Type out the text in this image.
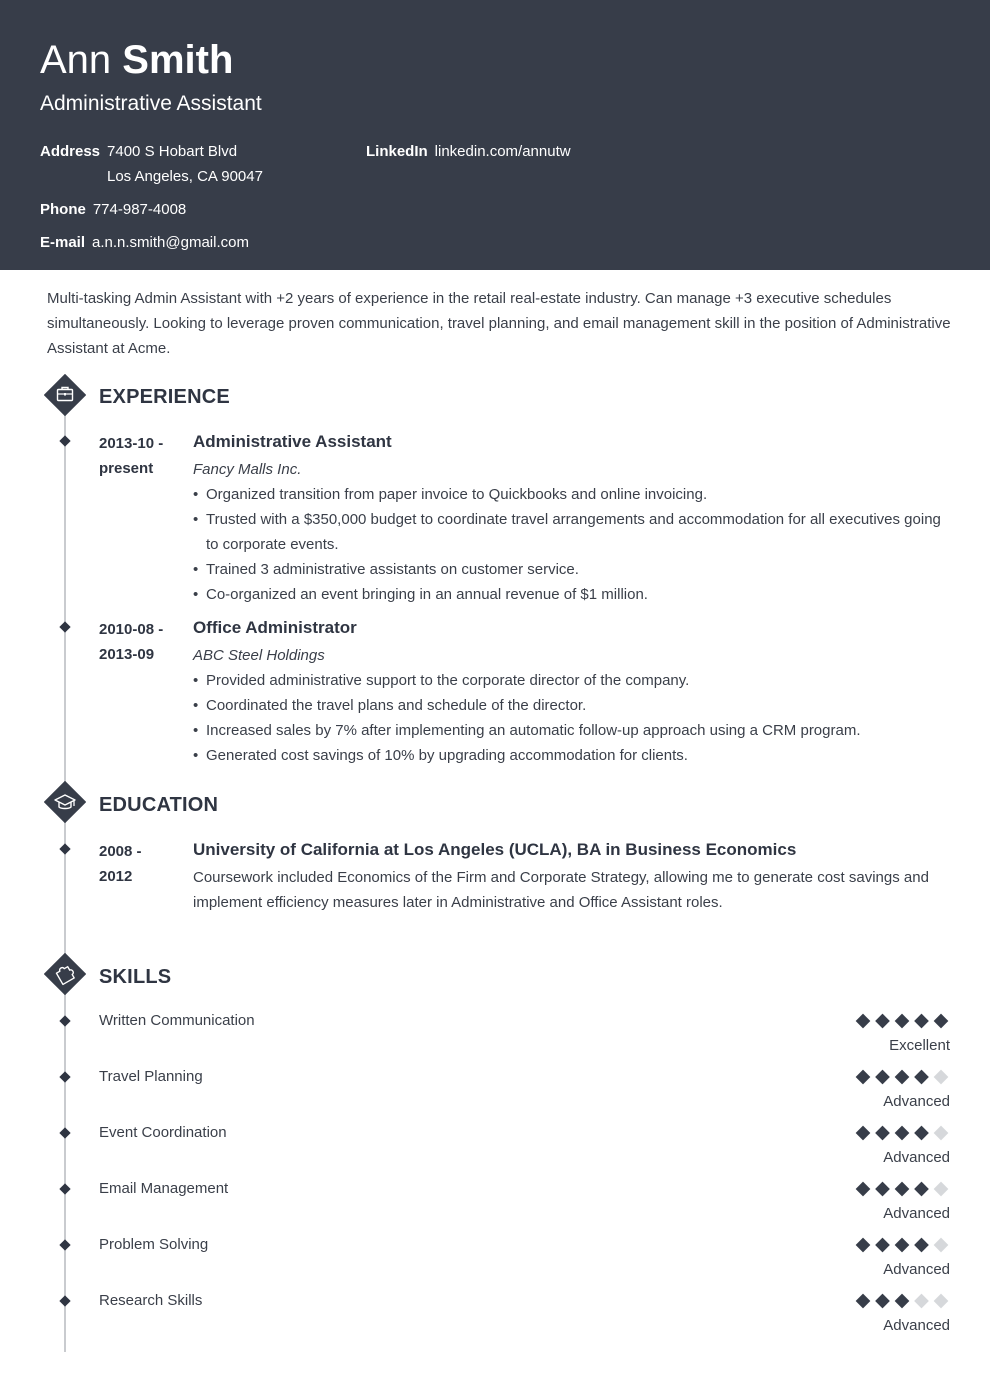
Ann Smith
Administrative Assistant
Address 7400 S Hobart Blvd
Los Angeles, CA 90047
LinkedIn linkedin.com/annutw
Phone 774-987-4008
E-mail a.n.n.smith@gmail.com
Multi-tasking Admin Assistant with +2 years of experience in the retail real-estate industry. Can manage +3 executive schedules simultaneously. Looking to leverage proven communication, travel planning, and email management skill in the position of Administrative Assistant at Acme.
EXPERIENCE
2013-10 -
present
Administrative Assistant
Fancy Malls Inc.
• Organized transition from paper invoice to Quickbooks and online invoicing.
• Trusted with a $350,000 budget to coordinate travel arrangements and accommodation for all executives going to corporate events.
• Trained 3 administrative assistants on customer service.
• Co-organized an event bringing in an annual revenue of $1 million.
2010-08 -
2013-09
Office Administrator
ABC Steel Holdings
• Provided administrative support to the corporate director of the company.
• Coordinated the travel plans and schedule of the director.
• Increased sales by 7% after implementing an automatic follow-up approach using a CRM program.
• Generated cost savings of 10% by upgrading accommodation for clients.
EDUCATION
2008 -
2012
University of California at Los Angeles (UCLA), BA in Business Economics
Coursework included Economics of the Firm and Corporate Strategy, allowing me to generate cost savings and implement efficiency measures later in Administrative and Office Assistant roles.
SKILLS
Written Communication
Excellent
Travel Planning
Advanced
Event Coordination
Advanced
Email Management
Advanced
Problem Solving
Advanced
Research Skills
Advanced
